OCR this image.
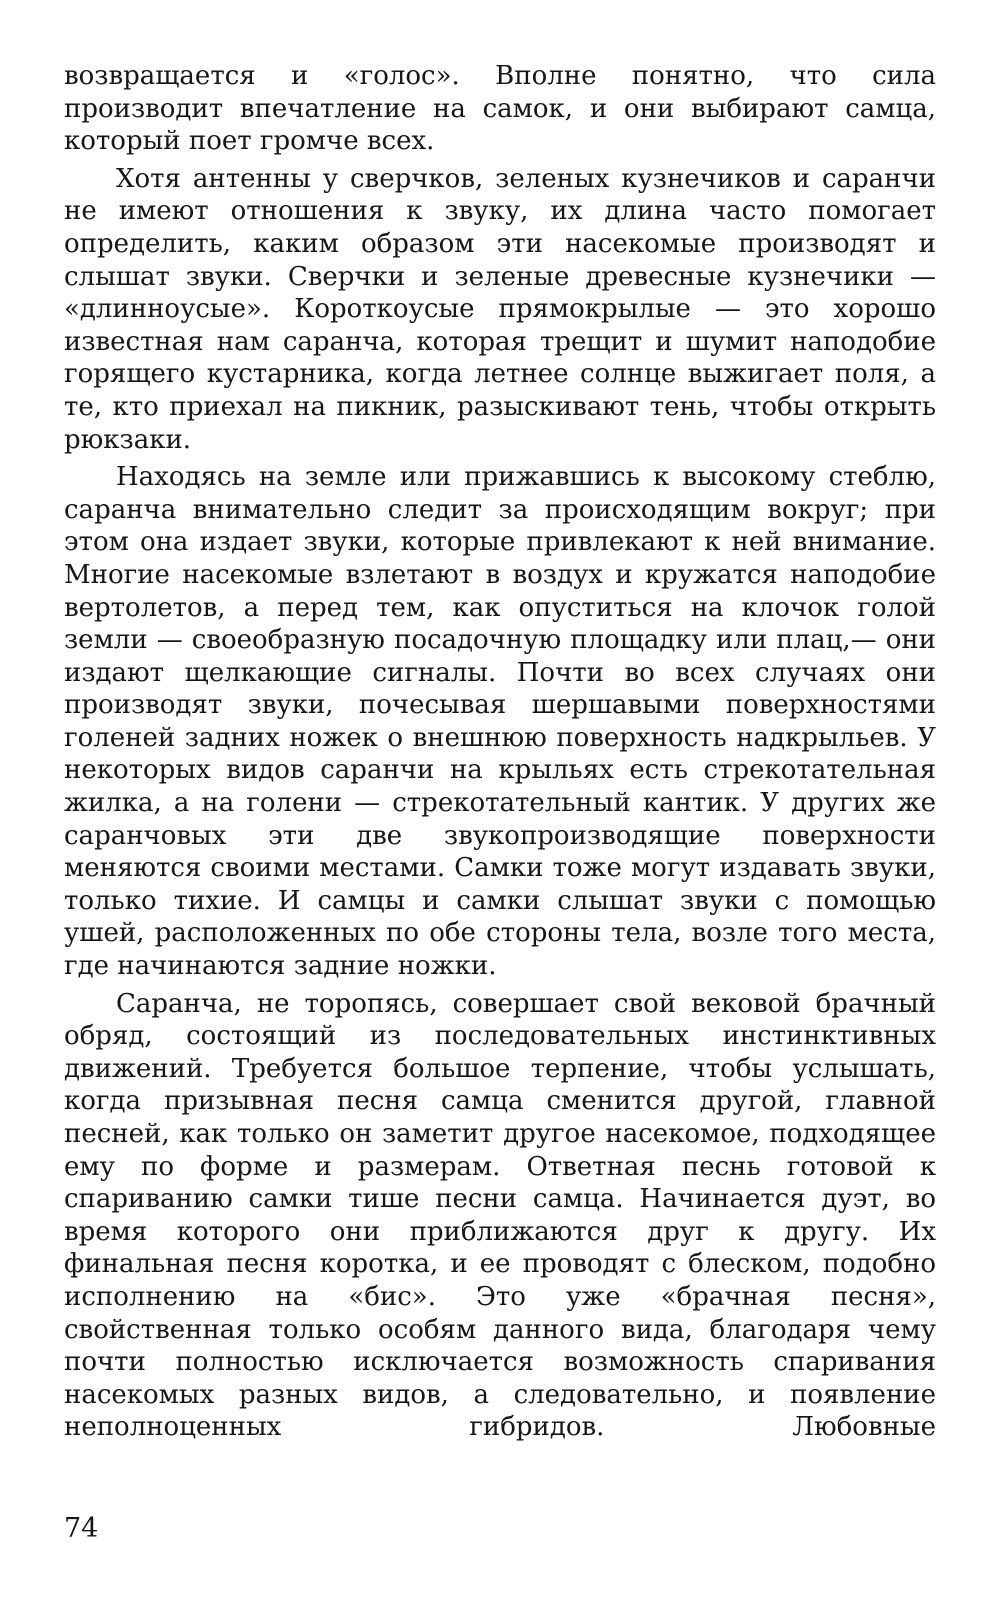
возвращается и «голос». Вполне понятно, что сила производит впечатление на самок, и они выбирают самца, который поет громче всех.

Хотя антенны у сверчков, зеленых кузнечиков и саранчи не имеют отношения к звуку, их длина часто помогает определить, каким образом эти насекомые производят и слышат звуки. Сверчки и зеленые древесные кузнечики — «длинноусые». Короткоусые прямокрылые — это хорошо известная нам саранча, которая трещит и шумит наподобие горящего кустарника, когда летнее солнце выжигает поля, а те, кто приехал на пикник, разыскивают тень, чтобы открыть рюкзаки.

Находясь на земле или прижавшись к высокому стеблю, саранча внимательно следит за происходящим вокруг; при этом она издает звуки, которые привлекают к ней внимание. Многие насекомые взлетают в воздух и кружатся наподобие вертолетов, а перед тем, как опуститься на клочок голой земли — своеобразную посадочную площадку или плац,— они издают щелкающие сигналы. Почти во всех случаях они производят звуки, почесывая шершавыми поверхностями голеней задних ножек о внешнюю поверхность надкрыльев. У некоторых видов саранчи на крыльях есть стрекотательная жилка, а на голени — стрекотательный кантик. У других же саранчовых эти две звукопроизводящие поверхности меняются своими местами. Самки тоже могут издавать звуки, только тихие. И самцы и самки слышат звуки с помощью ушей, расположенных по обе стороны тела, возле того места, где начинаются задние ножки.

Саранча, не торопясь, совершает свой вековой брачный обряд, состоящий из последовательных инстинктивных движений. Требуется большое терпение, чтобы услышать, когда призывная песня самца сменится другой, главной песней, как только он заметит другое насекомое, подходящее ему по форме и размерам. Ответная песнь готовой к спариванию самки тише песни самца. Начинается дуэт, во время которого они приближаются друг к другу. Их финальная песня коротка, и ее проводят с блеском, подобно исполнению на «бис». Это уже «брачная песня», свойственная только особям данного вида, благодаря чему почти полностью исключается возможность спаривания насекомых разных видов, а следовательно, и появление неполноценных гибридов. Любовные

74
